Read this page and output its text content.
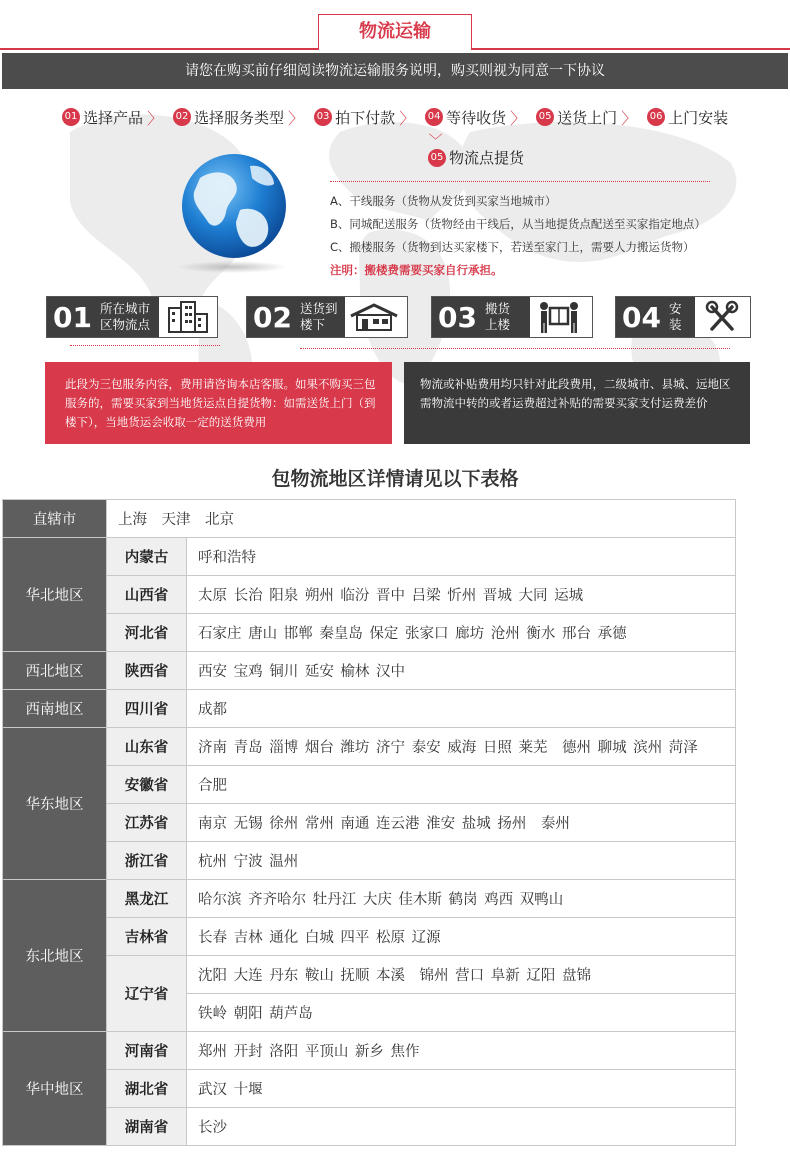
物流运输
请您在购买前仔细阅读物流运输服务说明，购买则视为同意一下协议
01 选择产品 〉 02 选择服务类型 〉 03 拍下付款 〉 04 等待收货 〉 05 送货上门 〉 06 上门安装
〉
05 物流点提货
A、干线服务（货物从发货到买家当地城市）
B、同城配送服务（货物经由干线后，从当地提货点配送至买家指定地点）
C、搬楼服务（货物到达买家楼下，若送至家门上，需要人力搬运货物）
注明：搬楼费需要买家自行承担。
01 所在城市
区物流点	02 送货到
楼下	03 搬货
上楼	04 安装
此段为三包服务内容，费用请咨询本店客服。如果不购买三包服务的，需要买家到当地货运点自提货物：如需送货上门（到楼下），当地货运会收取一定的送货费用
物流或补贴费用均只针对此段费用，二级城市、县城、远地区需物流中转的或者运费超过补贴的需要买家支付运费差价
包物流地区详情请见以下表格
直辖市	上海　天津　北京	
华北地区	内蒙古	呼和浩特
	山西省	太原 长治 阳泉 朔州 临汾 晋中 吕梁 忻州 晋城 大同 运城
	河北省	石家庄 唐山 邯郸 秦皇岛 保定 张家口 廊坊 沧州 衡水 邢台 承德
西北地区	陕西省	西安 宝鸡 铜川 延安 榆林 汉中
西南地区	四川省	成都
华东地区	山东省	济南 青岛 淄博 烟台 潍坊 济宁 泰安 威海 日照 莱芜　德州 聊城 滨州 菏泽
	安徽省	合肥
	江苏省	南京 无锡 徐州 常州 南通 连云港 淮安 盐城 扬州　泰州
	浙江省	杭州 宁波 温州
东北地区	黑龙江	哈尔滨 齐齐哈尔 牡丹江 大庆 佳木斯 鹤岗 鸡西 双鸭山
	吉林省	长春 吉林 通化 白城 四平 松原 辽源
	辽宁省	沈阳 大连 丹东 鞍山 抚顺 本溪　锦州 营口 阜新 辽阳 盘锦
		铁岭 朝阳 葫芦岛
华中地区	河南省	郑州 开封 洛阳 平顶山 新乡 焦作
	湖北省	武汉 十堰
	湖南省	长沙
